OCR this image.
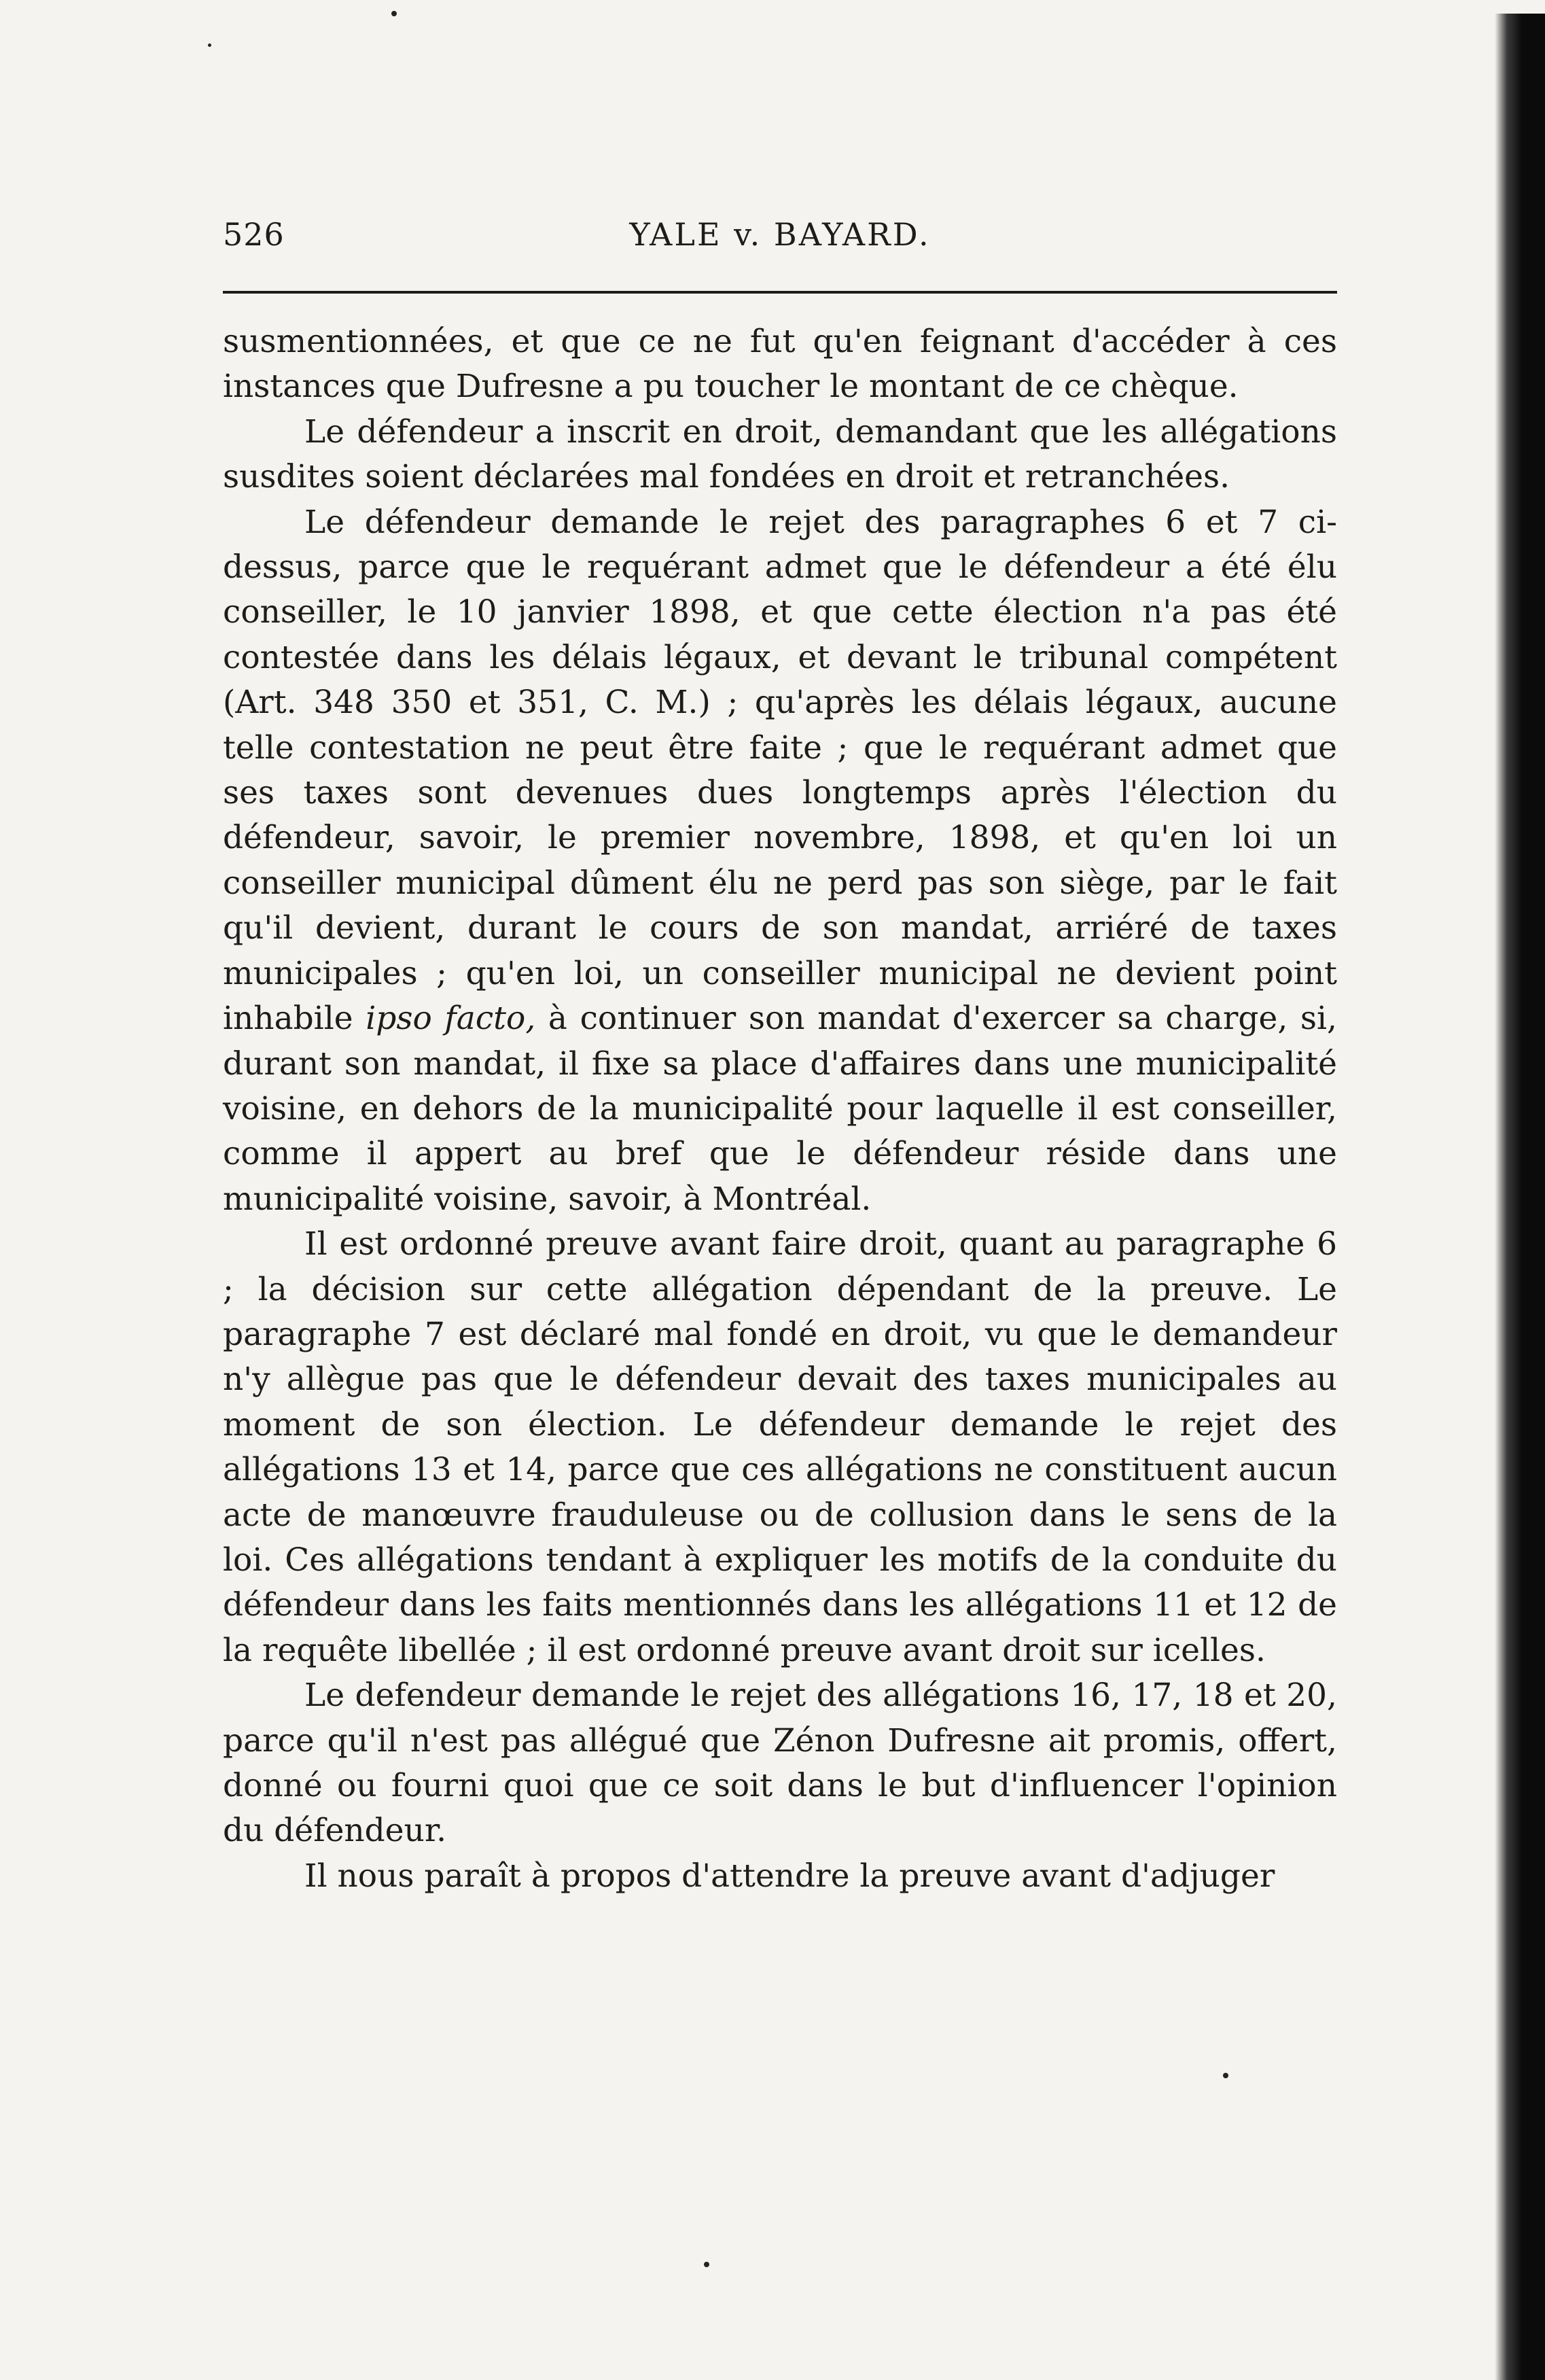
526	YALE v. BAYARD.

susmentionnées, et que ce ne fut qu'en feignant d'accéder à ces instances que Dufresne a pu toucher le montant de ce chèque.

Le défendeur a inscrit en droit, demandant que les allégations susdites soient déclarées mal fondées en droit et retranchées.

Le défendeur demande le rejet des paragraphes 6 et 7 ci-dessus, parce que le requérant admet que le défendeur a été élu conseiller, le 10 janvier 1898, et que cette élection n'a pas été contestée dans les délais légaux, et devant le tribunal compétent (Art. 348 350 et 351, C. M.) ; qu'après les délais légaux, aucune telle contestation ne peut être faite ; que le requérant admet que ses taxes sont devenues dues longtemps après l'élection du défendeur, savoir, le premier novembre, 1898, et qu'en loi un conseiller municipal dûment élu ne perd pas son siège, par le fait qu'il devient, durant le cours de son mandat, arriéré de taxes municipales ; qu'en loi, un conseiller municipal ne devient point inhabile ipso facto, à continuer son mandat d'exercer sa charge, si, durant son mandat, il fixe sa place d'affaires dans une municipalité voisine, en dehors de la municipalité pour laquelle il est conseiller, comme il appert au bref que le défendeur réside dans une municipalité voisine, savoir, à Montréal.

Il est ordonné preuve avant faire droit, quant au paragraphe 6 ; la décision sur cette allégation dépendant de la preuve. Le paragraphe 7 est déclaré mal fondé en droit, vu que le demandeur n'y allègue pas que le défendeur devait des taxes municipales au moment de son élection. Le défendeur demande le rejet des allégations 13 et 14, parce que ces allégations ne constituent aucun acte de manœuvre frauduleuse ou de collusion dans le sens de la loi. Ces allégations tendant à expliquer les motifs de la conduite du défendeur dans les faits mentionnés dans les allégations 11 et 12 de la requête libellée ; il est ordonné preuve avant droit sur icelles.

Le defendeur demande le rejet des allégations 16, 17, 18 et 20, parce qu'il n'est pas allégué que Zénon Dufresne ait promis, offert, donné ou fourni quoi que ce soit dans le but d'influencer l'opinion du défendeur.

Il nous paraît à propos d'attendre la preuve avant d'adjuger
